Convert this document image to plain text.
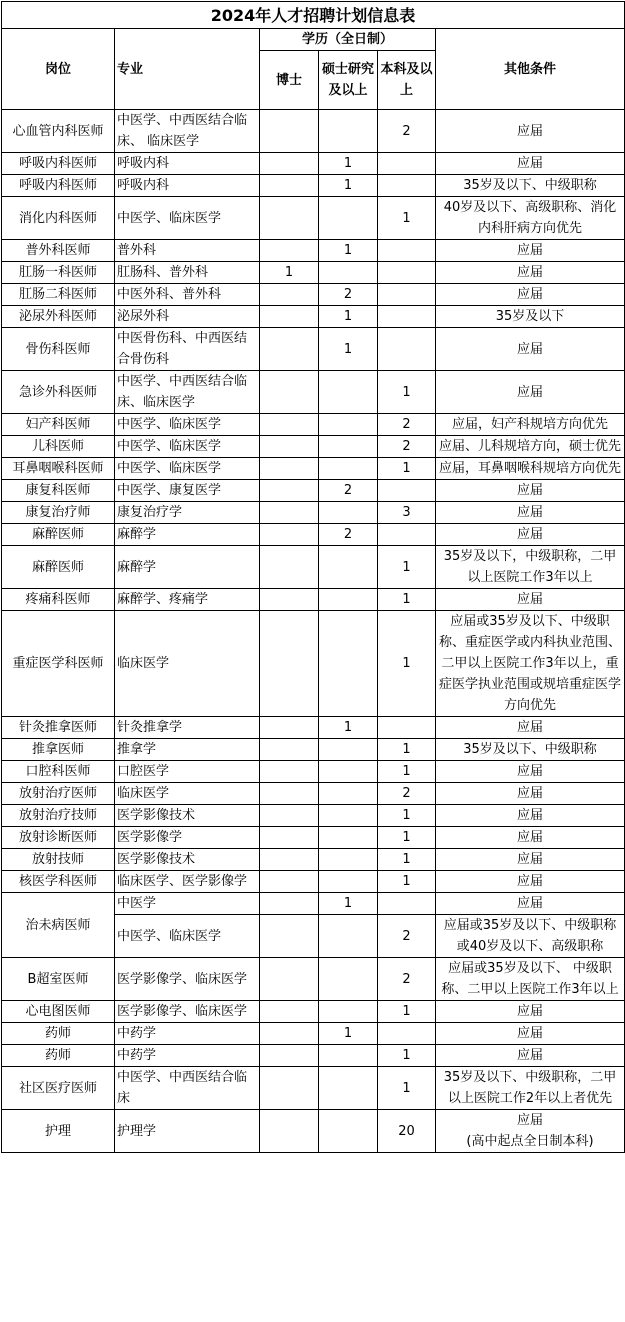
2024年人才招聘计划信息表					
岗位	专业	学历（全日制）			其他条件
		博士	硕士研究及以上	本科及以上	
心血管内科医师	中医学、中西医结合临床、 临床医学			2	应届
呼吸内科医师	呼吸内科		1		应届
呼吸内科医师	呼吸内科		1		35岁及以下、中级职称
消化内科医师	中医学、临床医学			1	40岁及以下、高级职称、消化内科肝病方向优先
普外科医师	普外科		1		应届
肛肠一科医师	肛肠科、普外科	1			应届
肛肠二科医师	中医外科、普外科		2		应届
泌尿外科医师	泌尿外科		1		35岁及以下
骨伤科医师	中医骨伤科、中西医结合骨伤科		1		应届
急诊外科医师	中医学、中西医结合临床、临床医学			1	应届
妇产科医师	中医学、临床医学			2	应届，妇产科规培方向优先
儿科医师	中医学、临床医学			2	应届、儿科规培方向，硕士优先
耳鼻咽喉科医师	中医学、临床医学			1	应届，耳鼻咽喉科规培方向优先
康复科医师	中医学、康复医学		2		应届
康复治疗师	康复治疗学			3	应届
麻醉医师	麻醉学		2		应届
麻醉医师	麻醉学			1	35岁及以下，中级职称，二甲以上医院工作3年以上
疼痛科医师	麻醉学、疼痛学			1	应届
重症医学科医师	临床医学			1	应届或35岁及以下、中级职称、重症医学或内科执业范围、二甲以上医院工作3年以上，重症医学执业范围或规培重症医学方向优先
针灸推拿医师	针灸推拿学		1		应届
推拿医师	推拿学			1	35岁及以下、中级职称
口腔科医师	口腔医学			1	应届
放射治疗医师	临床医学			2	应届
放射治疗技师	医学影像技术			1	应届
放射诊断医师	医学影像学			1	应届
放射技师	医学影像技术			1	应届
核医学科医师	临床医学、医学影像学			1	应届
治未病医师	中医学		1		应届
	中医学、临床医学			2	应届或35岁及以下、中级职称或40岁及以下、高级职称
B超室医师	医学影像学、临床医学			2	应届或35岁及以下、 中级职称、二甲以上医院工作3年以上
心电图医师	医学影像学、临床医学			1	应届
药师	中药学		1		应届
药师	中药学			1	应届
社区医疗医师	中医学、中西医结合临床			1	35岁及以下、中级职称，二甲以上医院工作2年以上者优先
护理	护理学			20	应届
					(高中起点全日制本科)
